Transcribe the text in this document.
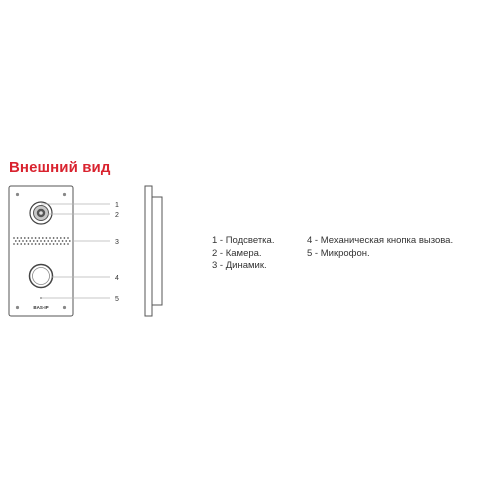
Внешний вид
BAS-IP
1
2
3
4
5
1 - Подсветка.
2 - Камера.
3 - Динамик.
4 - Механическая кнопка вызова.
5 - Микрофон.
